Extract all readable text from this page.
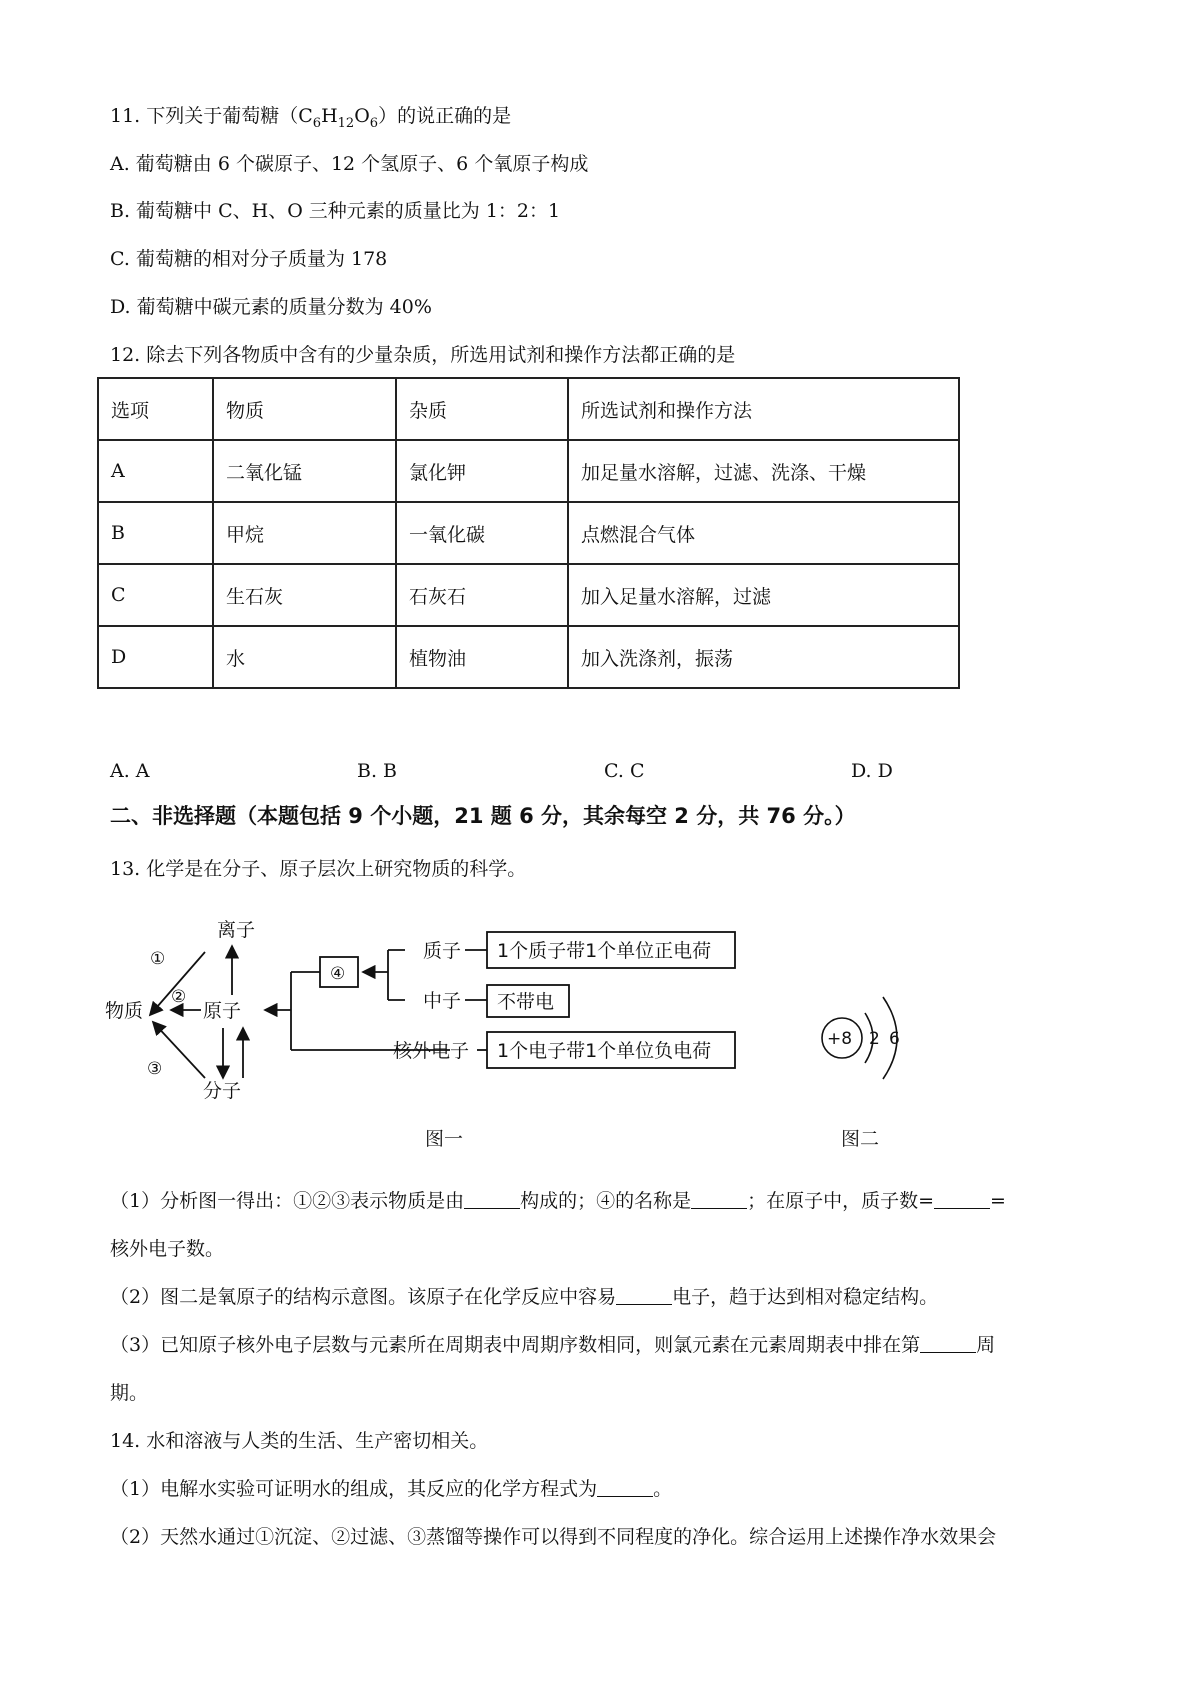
11. 下列关于葡萄糖$(C_6H_{12}O_6)$的说正确的是
A. 葡萄糖由 6 个碳原子、12 个氢原子、6 个氧原子构成
B. 葡萄糖中 C、H、O 三种元素的质量比为 1：2：1
C. 葡萄糖的相对分子质量为 178
D. 葡萄糖中碳元素的质量分数为 40%
12. 除去下列各物质中含有的少量杂质，所选用试剂和操作方法都正确的是
选项	物质	杂质	所选试剂和操作方法
A	二氧化锰	氯化钾	加足量水溶解，过滤、洗涤、干燥
B	甲烷	一氧化碳	点燃混合气体
C	生石灰	石灰石	加入足量水溶解，过滤
D	水	植物油	加入洗涤剂，振荡
A. A	B. B	C. C	D. D
二、非选择题（本题包括 9 个小题，21 题 6 分，其余每空 2 分，共 76 分。）
13. 化学是在分子、原子层次上研究物质的科学。
离子
物质	原子
分子
①
②
③
④
质子
中子
核外电子
1个质子带1个单位正电荷
不带电
1个电子带1个单位负电荷
图一
+8 2 6
图二
（1）分析图一得出：①②③表示物质是由	构成的；④的名称是	；在原子中，质子数=	=
核外电子数。
（2）图二是氧原子的结构示意图。该原子在化学反应中容易	电子，趋于达到相对稳定结构。
（3）已知原子核外电子层数与元素所在周期表中周期序数相同，则氯元素在元素周期表中排在第	周
期。
14. 水和溶液与人类的生活、生产密切相关。
（1）电解水实验可证明水的组成，其反应的化学方程式为	。
（2）天然水通过①沉淀、②过滤、③蒸馏等操作可以得到不同程度的净化。综合运用上述操作净水效果会
